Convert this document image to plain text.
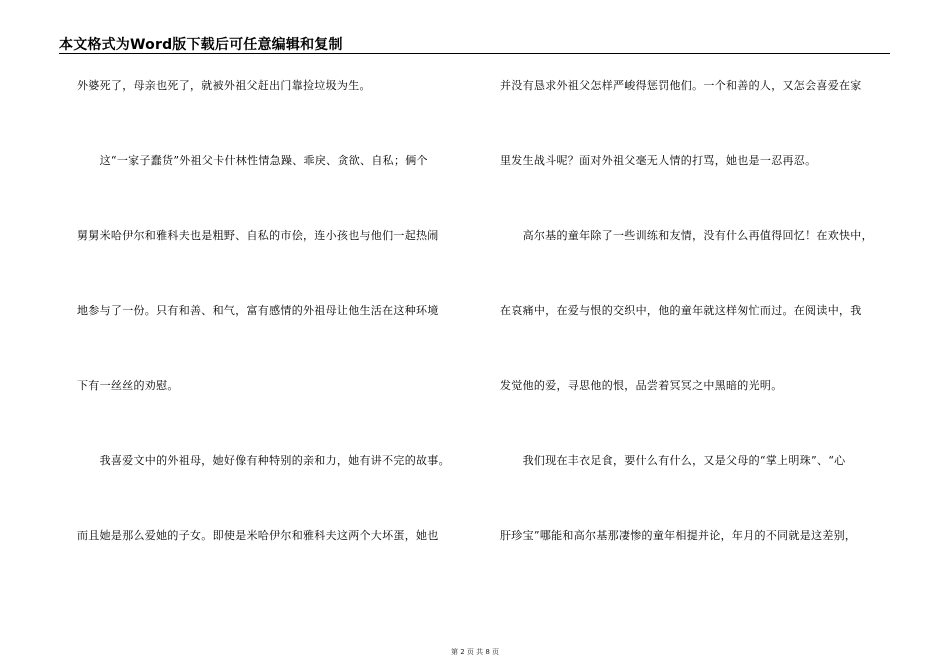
本文格式为Word版下载后可任意编辑和复制
外婆死了，母亲也死了，就被外祖父赶出门靠捡垃圾为生。
　　这“一家子蠢货”外祖父卡什林性情急躁、乖戾、贪欲、自私；俩个
舅舅米哈伊尔和雅科夫也是粗野、自私的市侩，连小孩也与他们一起热闹
地参与了一份。只有和善、和气，富有感情的外祖母让他生活在这种环境
下有一丝丝的劝慰。
　　我喜爱文中的外祖母，她好像有种特别的亲和力，她有讲不完的故事。
而且她是那么爱她的子女。即使是米哈伊尔和雅科夫这两个大坏蛋，她也
并没有恳求外祖父怎样严峻得惩罚他们。一个和善的人，又怎会喜爱在家
里发生战斗呢？面对外祖父毫无人情的打骂，她也是一忍再忍。
　　高尔基的童年除了一些训练和友情，没有什么再值得回忆！在欢快中，
在哀痛中，在爱与恨的交织中，他的童年就这样匆忙而过。在阅读中，我
发觉他的爱，寻思他的恨，品尝着冥冥之中黑暗的光明。
　　我们现在丰衣足食，要什么有什么，又是父母的“掌上明珠”、“心
肝珍宝”哪能和高尔基那凄惨的童年相提并论，年月的不同就是这差别，
第 2 页 共 8 页
